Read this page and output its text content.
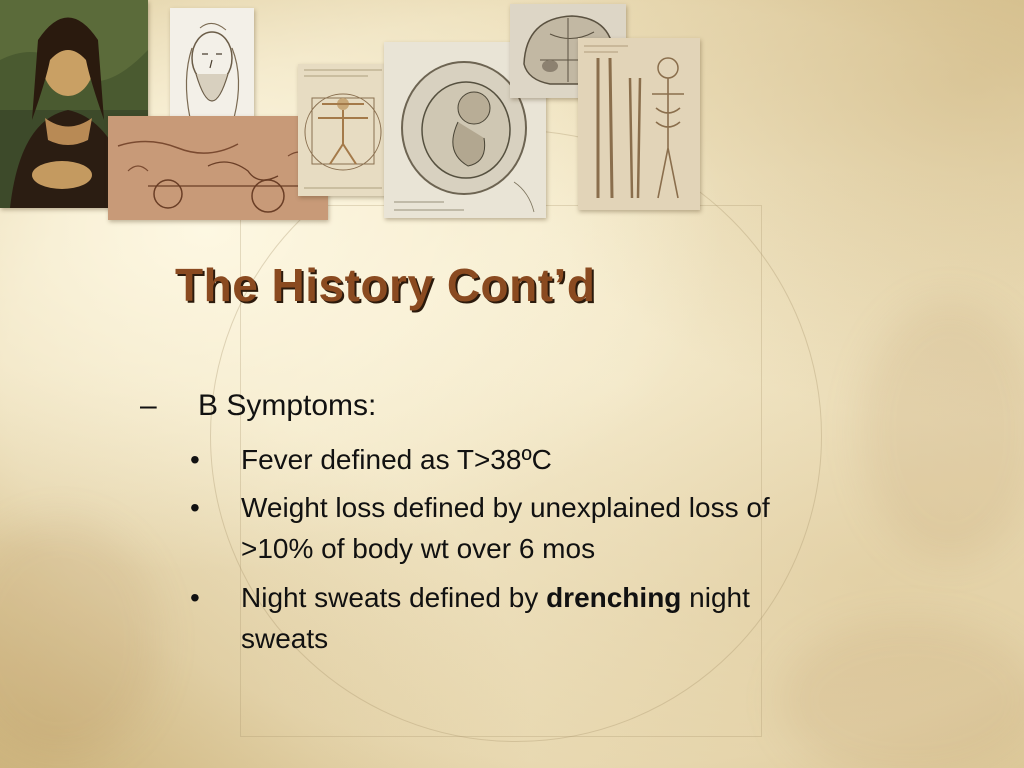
The History Cont’d
– B Symptoms:
• Fever defined as T>38ºC
• Weight loss defined by unexplained loss of
>10% of body wt over 6 mos
• Night sweats defined by drenching night
sweats
